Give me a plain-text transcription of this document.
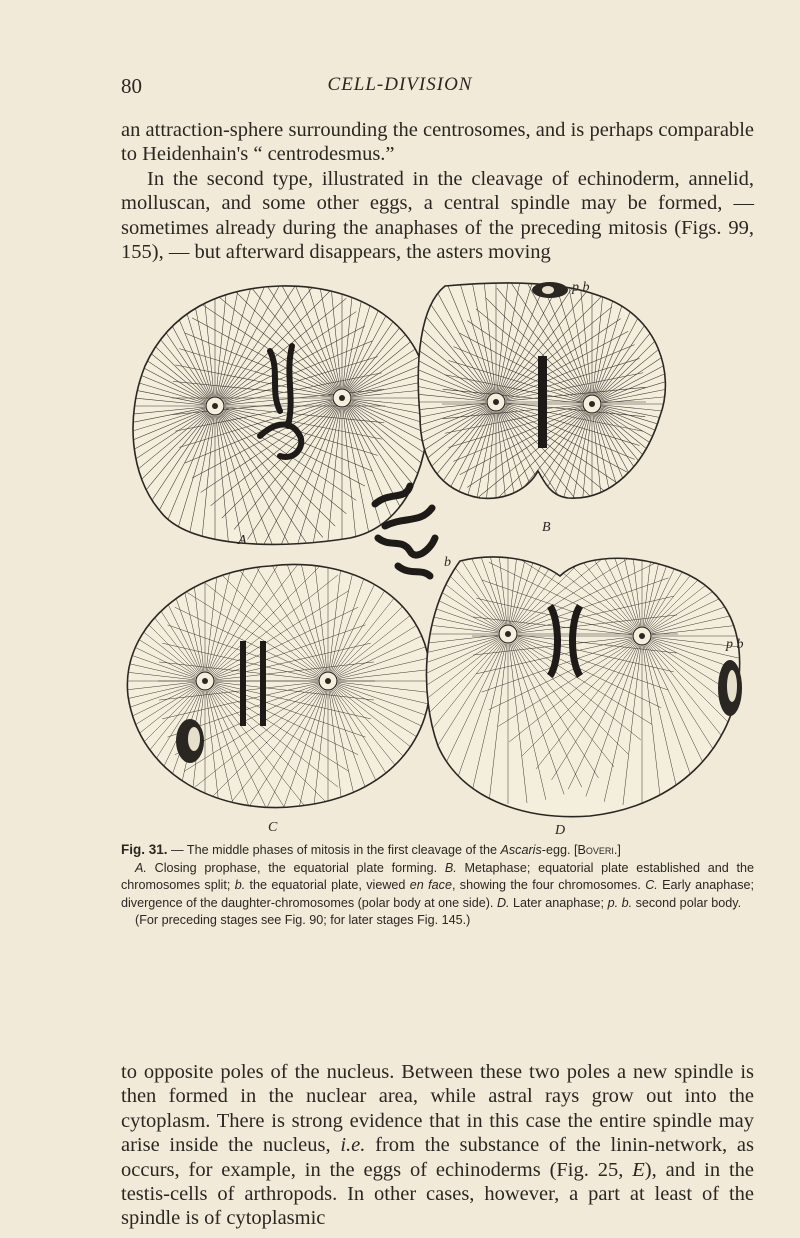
80	CELL-DIVISION

an attraction-sphere surrounding the centrosomes, and is perhaps comparable to Heidenhain's “ centrodesmus.”

In the second type, illustrated in the cleavage of echinoderm, annelid, molluscan, and some other eggs, a central spindle may be formed, — sometimes already during the anaphases of the preceding mitosis (Figs. 99, 155), — but afterward disappears, the asters moving

A
B
b
C	D
p b
p b

Fig. 31. — The middle phases of mitosis in the first cleavage of the Ascaris-egg. [Boveri.]

A. Closing prophase, the equatorial plate forming. B. Metaphase; equatorial plate established and the chromosomes split; b. the equatorial plate, viewed en face, showing the four chromosomes. C. Early anaphase; divergence of the daughter-chromosomes (polar body at one side). D. Later anaphase; p. b. second polar body.

(For preceding stages see Fig. 90; for later stages Fig. 145.)

to opposite poles of the nucleus. Between these two poles a new spindle is then formed in the nuclear area, while astral rays grow out into the cytoplasm. There is strong evidence that in this case the entire spindle may arise inside the nucleus, i.e. from the substance of the linin-network, as occurs, for example, in the eggs of echinoderms (Fig. 25, E), and in the testis-cells of arthropods. In other cases, however, a part at least of the spindle is of cytoplasmic
